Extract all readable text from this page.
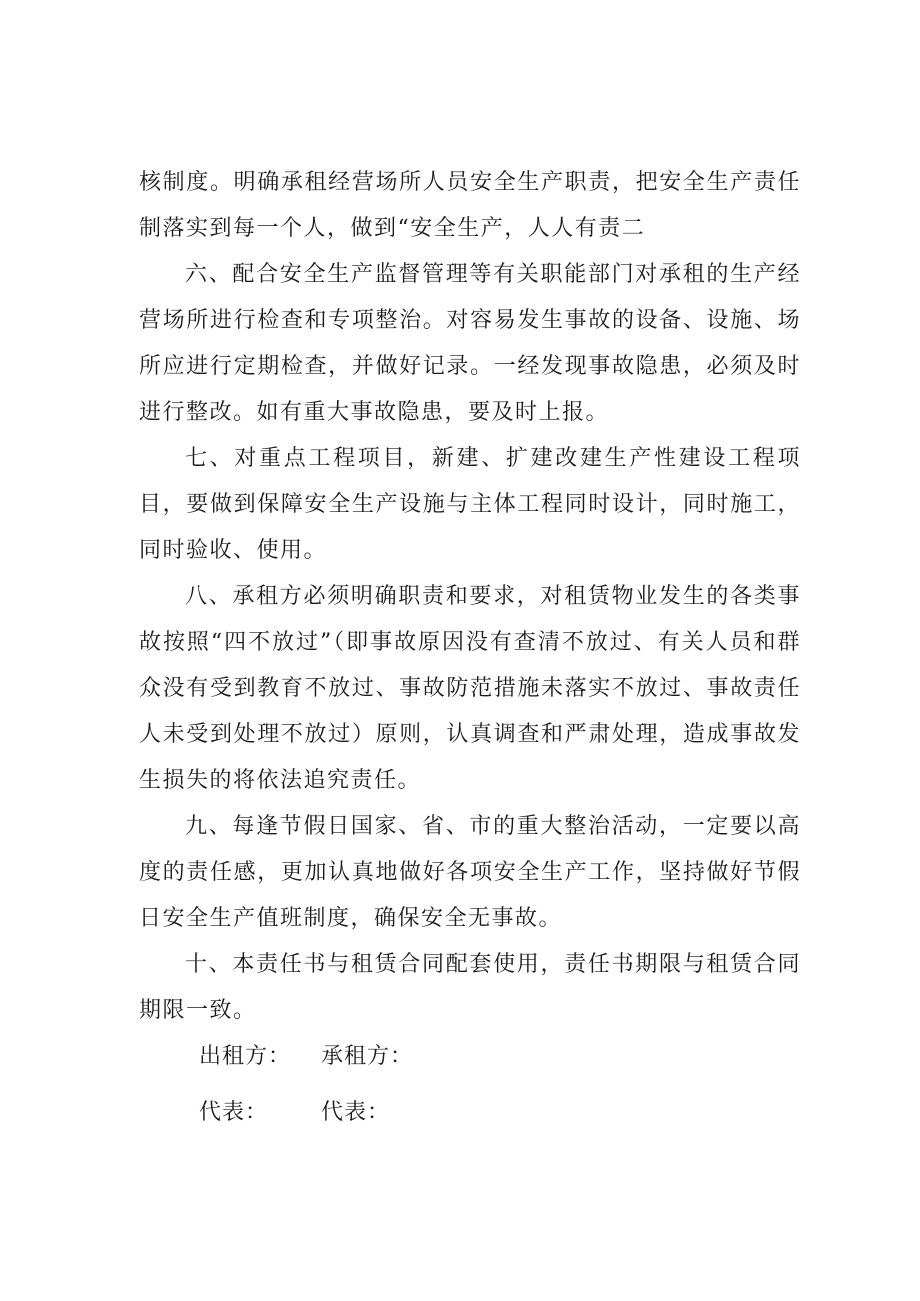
核制度。明确承租经营场所人员安全生产职责，把安全生产责任制落实到每一个人，做到“安全生产，人人有责二

六、配合安全生产监督管理等有关职能部门对承租的生产经营场所进行检查和专项整治。对容易发生事故的设备、设施、场所应进行定期检查，并做好记录。一经发现事故隐患，必须及时进行整改。如有重大事故隐患，要及时上报。

七、对重点工程项目，新建、扩建改建生产性建设工程项目，要做到保障安全生产设施与主体工程同时设计，同时施工，同时验收、使用。

八、承租方必须明确职责和要求，对租赁物业发生的各类事故按照“四不放过”（即事故原因没有查清不放过、有关人员和群众没有受到教育不放过、事故防范措施未落实不放过、事故责任人未受到处理不放过）原则，认真调查和严肃处理，造成事故发生损失的将依法追究责任。

九、每逢节假日国家、省、市的重大整治活动，一定要以高度的责任感，更加认真地做好各项安全生产工作，坚持做好节假日安全生产值班制度，确保安全无事故。

十、本责任书与租赁合同配套使用，责任书期限与租赁合同期限一致。

出租方：	承租方：
代表：	代表：
